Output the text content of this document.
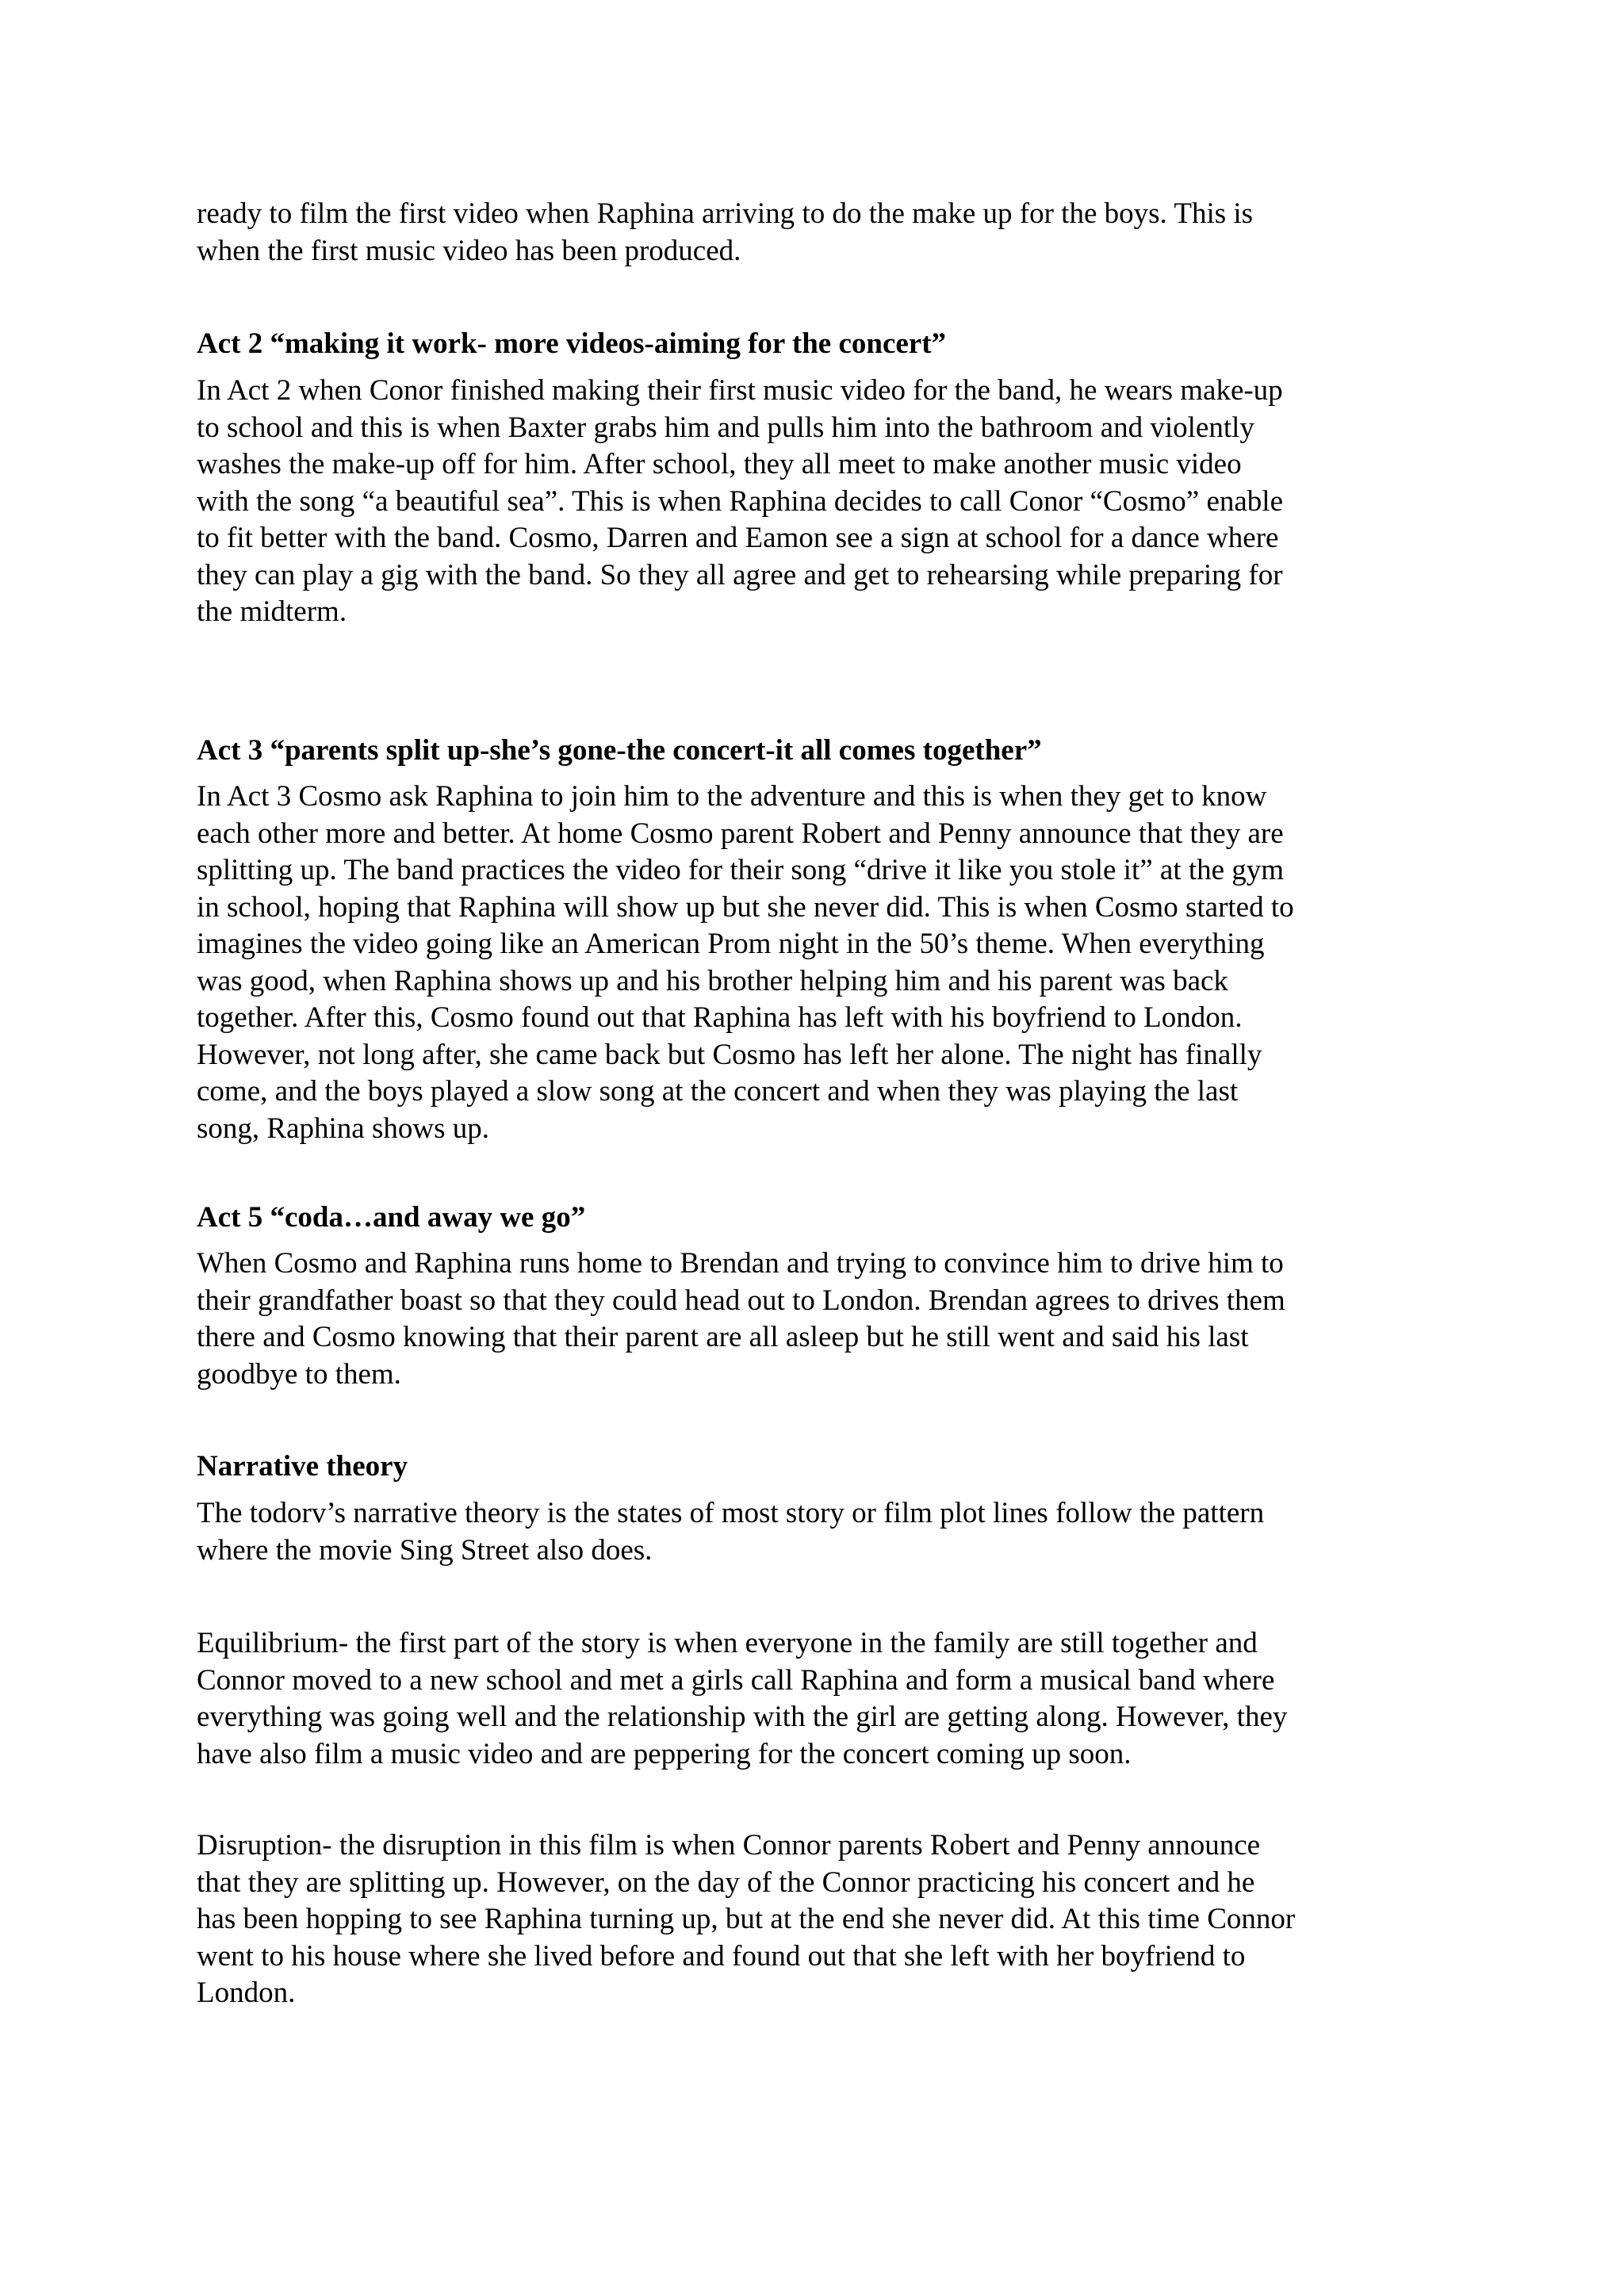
ready to film the first video when Raphina arriving to do the make up for the boys. This is
when the first music video has been produced.
Act 2 “making it work- more videos-aiming for the concert”
In Act 2 when Conor finished making their first music video for the band, he wears make-up
to school and this is when Baxter grabs him and pulls him into the bathroom and violently
washes the make-up off for him. After school, they all meet to make another music video
with the song “a beautiful sea”. This is when Raphina decides to call Conor “Cosmo” enable
to fit better with the band. Cosmo, Darren and Eamon see a sign at school for a dance where
they can play a gig with the band. So they all agree and get to rehearsing while preparing for
the midterm.
Act 3 “parents split up-she’s gone-the concert-it all comes together”
In Act 3 Cosmo ask Raphina to join him to the adventure and this is when they get to know
each other more and better. At home Cosmo parent Robert and Penny announce that they are
splitting up. The band practices the video for their song “drive it like you stole it” at the gym
in school, hoping that Raphina will show up but she never did. This is when Cosmo started to
imagines the video going like an American Prom night in the 50’s theme. When everything
was good, when Raphina shows up and his brother helping him and his parent was back
together. After this, Cosmo found out that Raphina has left with his boyfriend to London.
However, not long after, she came back but Cosmo has left her alone. The night has finally
come, and the boys played a slow song at the concert and when they was playing the last
song, Raphina shows up.
Act 5 “coda…and away we go”
When Cosmo and Raphina runs home to Brendan and trying to convince him to drive him to
their grandfather boast so that they could head out to London. Brendan agrees to drives them
there and Cosmo knowing that their parent are all asleep but he still went and said his last
goodbye to them.
Narrative theory
The todorv’s narrative theory is the states of most story or film plot lines follow the pattern
where the movie Sing Street also does.
Equilibrium- the first part of the story is when everyone in the family are still together and
Connor moved to a new school and met a girls call Raphina and form a musical band where
everything was going well and the relationship with the girl are getting along. However, they
have also film a music video and are peppering for the concert coming up soon.
Disruption- the disruption in this film is when Connor parents Robert and Penny announce
that they are splitting up. However, on the day of the Connor practicing his concert and he
has been hopping to see Raphina turning up, but at the end she never did. At this time Connor
went to his house where she lived before and found out that she left with her boyfriend to
London.
